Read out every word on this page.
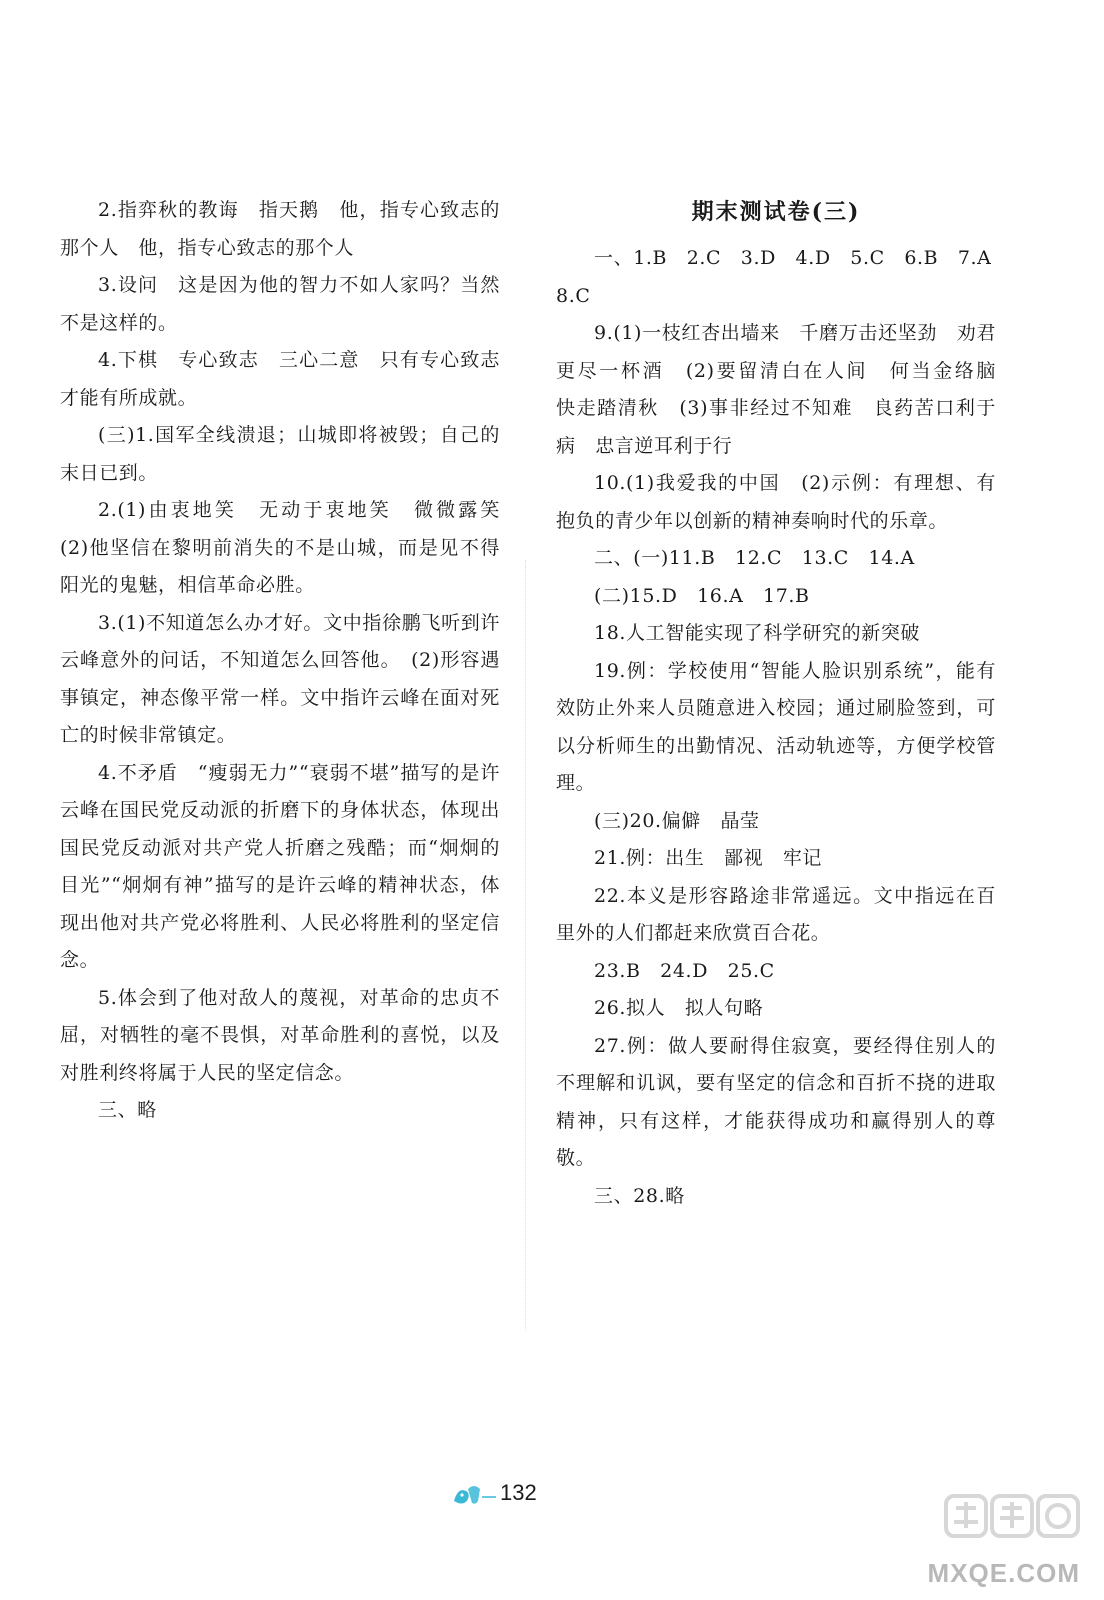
2.指弈秋的教诲　指天鹅　他，指专心致志的那个人　他，指专心致志的那个人

3.设问　这是因为他的智力不如人家吗？当然不是这样的。

4.下棋　专心致志　三心二意　只有专心致志才能有所成就。

(三)1.国军全线溃退；山城即将被毁；自己的末日已到。

2.(1)由衷地笑　无动于衷地笑　微微露笑　(2)他坚信在黎明前消失的不是山城，而是见不得阳光的鬼魅，相信革命必胜。

3.(1)不知道怎么办才好。文中指徐鹏飞听到许云峰意外的问话，不知道怎么回答他。　(2)形容遇事镇定，神态像平常一样。文中指许云峰在面对死亡的时候非常镇定。

4.不矛盾　“瘦弱无力”“衰弱不堪”描写的是许云峰在国民党反动派的折磨下的身体状态，体现出国民党反动派对共产党人折磨之残酷；而“炯炯的目光”“炯炯有神”描写的是许云峰的精神状态，体现出他对共产党必将胜利、人民必将胜利的坚定信念。

5.体会到了他对敌人的蔑视，对革命的忠贞不屈，对牺牲的毫不畏惧，对革命胜利的喜悦，以及对胜利终将属于人民的坚定信念。

三、略

期末测试卷(三)

一、1.B　2.C　3.D　4.D　5.C　6.B　7.A

8.C

9.(1)一枝红杏出墙来　千磨万击还坚劲　劝君更尽一杯酒　(2)要留清白在人间　何当金络脑　快走踏清秋　(3)事非经过不知难　良药苦口利于病　忠言逆耳利于行

10.(1)我爱我的中国　(2)示例：有理想、有抱负的青少年以创新的精神奏响时代的乐章。

二、(一)11.B　12.C　13.C　14.A

(二)15.D　16.A　17.B

18.人工智能实现了科学研究的新突破

19.例：学校使用“智能人脸识别系统”，能有效防止外来人员随意进入校园；通过刷脸签到，可以分析师生的出勤情况、活动轨迹等，方便学校管理。

(三)20.偏僻　晶莹

21.例：出生　鄙视　牢记

22.本义是形容路途非常遥远。文中指远在百里外的人们都赶来欣赏百合花。

23.B　24.D　25.C

26.拟人　拟人句略

27.例：做人要耐得住寂寞，要经得住别人的不理解和讥讽，要有坚定的信念和百折不挠的进取精神，只有这样，才能获得成功和赢得别人的尊敬。

三、28.略

132
MXQE.COM
